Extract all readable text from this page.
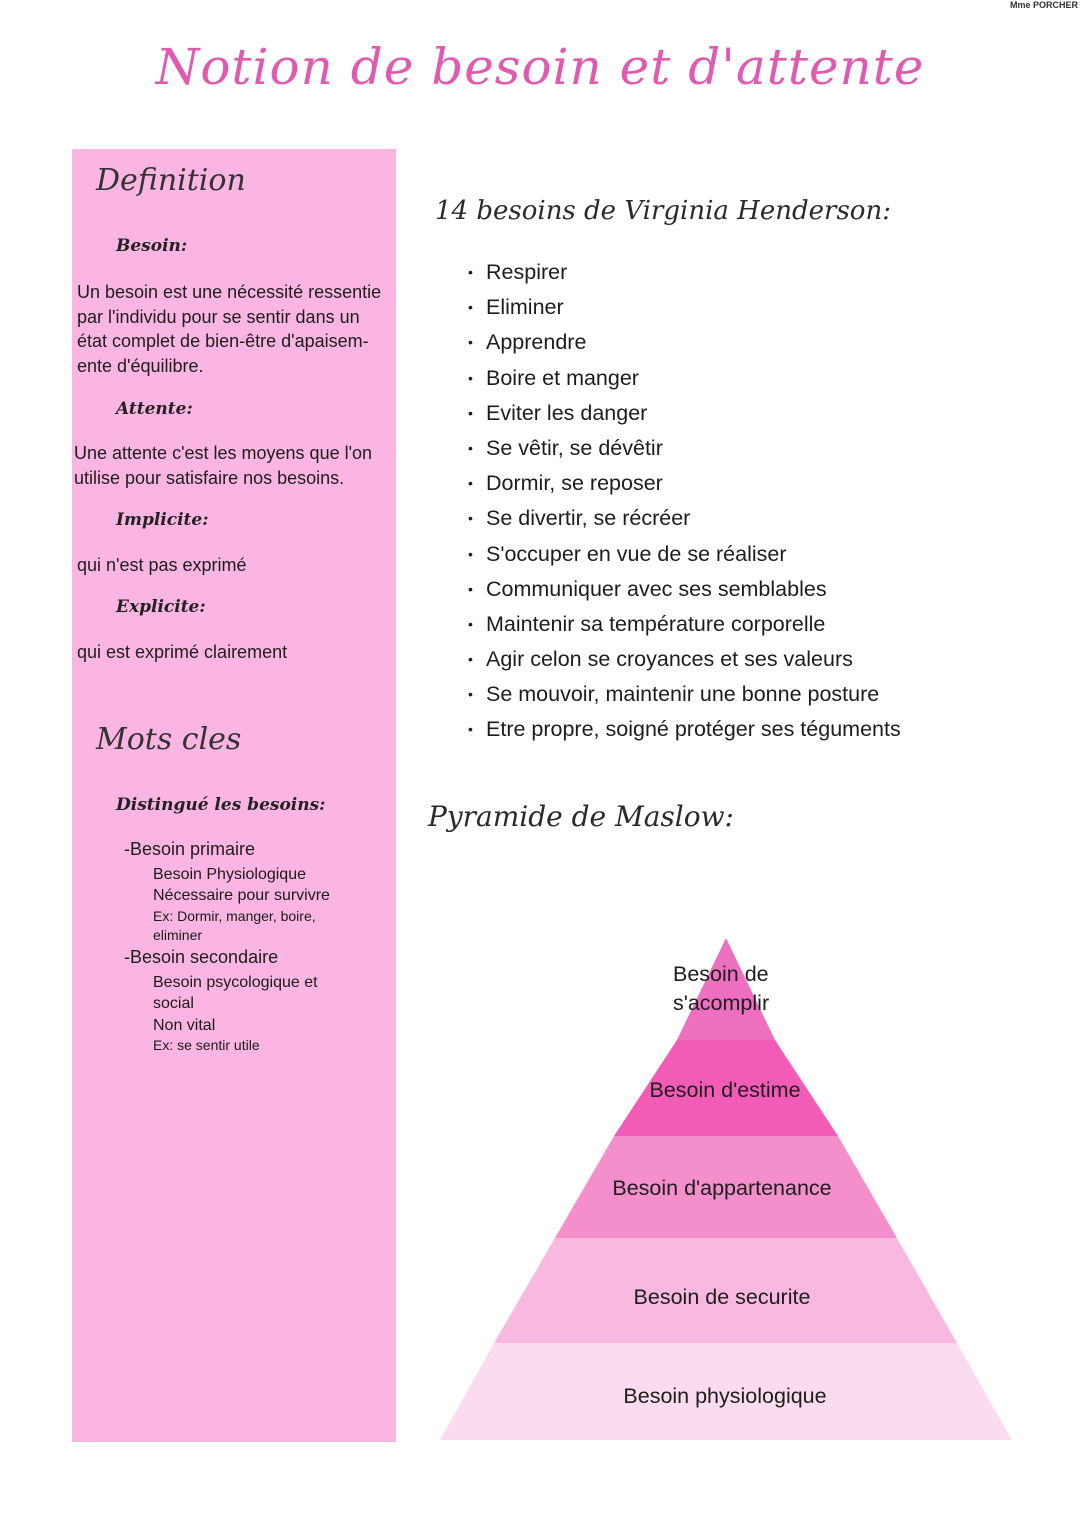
Mme PORCHER
Notion de besoin et d'attente
Definition
Besoin:
Un besoin est une nécessité ressentie
par l'individu pour se sentir dans un
état complet de bien-être d'apaisem-
ente d'équilibre.
Attente:
Une attente c'est les moyens que l'on
utilise pour satisfaire nos besoins.
Implicite:
qui n'est pas exprimé
Explicite:
qui est exprimé clairement
Mots cles
Distingué les besoins:
-Besoin primaire
Besoin Physiologique
Nécessaire pour survivre
Ex: Dormir, manger, boire,
eliminer
-Besoin secondaire
Besoin psycologique et
social
Non vital
Ex: se sentir utile
14 besoins de Virginia Henderson:
• Respirer
• Eliminer
• Apprendre
• Boire et manger
• Eviter les danger
• Se vêtir, se dévêtir
• Dormir, se reposer
• Se divertir, se récréer
• S'occuper en vue de se réaliser
• Communiquer avec ses semblables
• Maintenir sa température corporelle
• Agir celon se croyances et ses valeurs
• Se mouvoir, maintenir une bonne posture
• Etre propre, soigné protéger ses téguments
Pyramide de Maslow:
Besoin de
s'acomplir
Besoin d'estime
Besoin d'appartenance
Besoin de securite
Besoin physiologique
